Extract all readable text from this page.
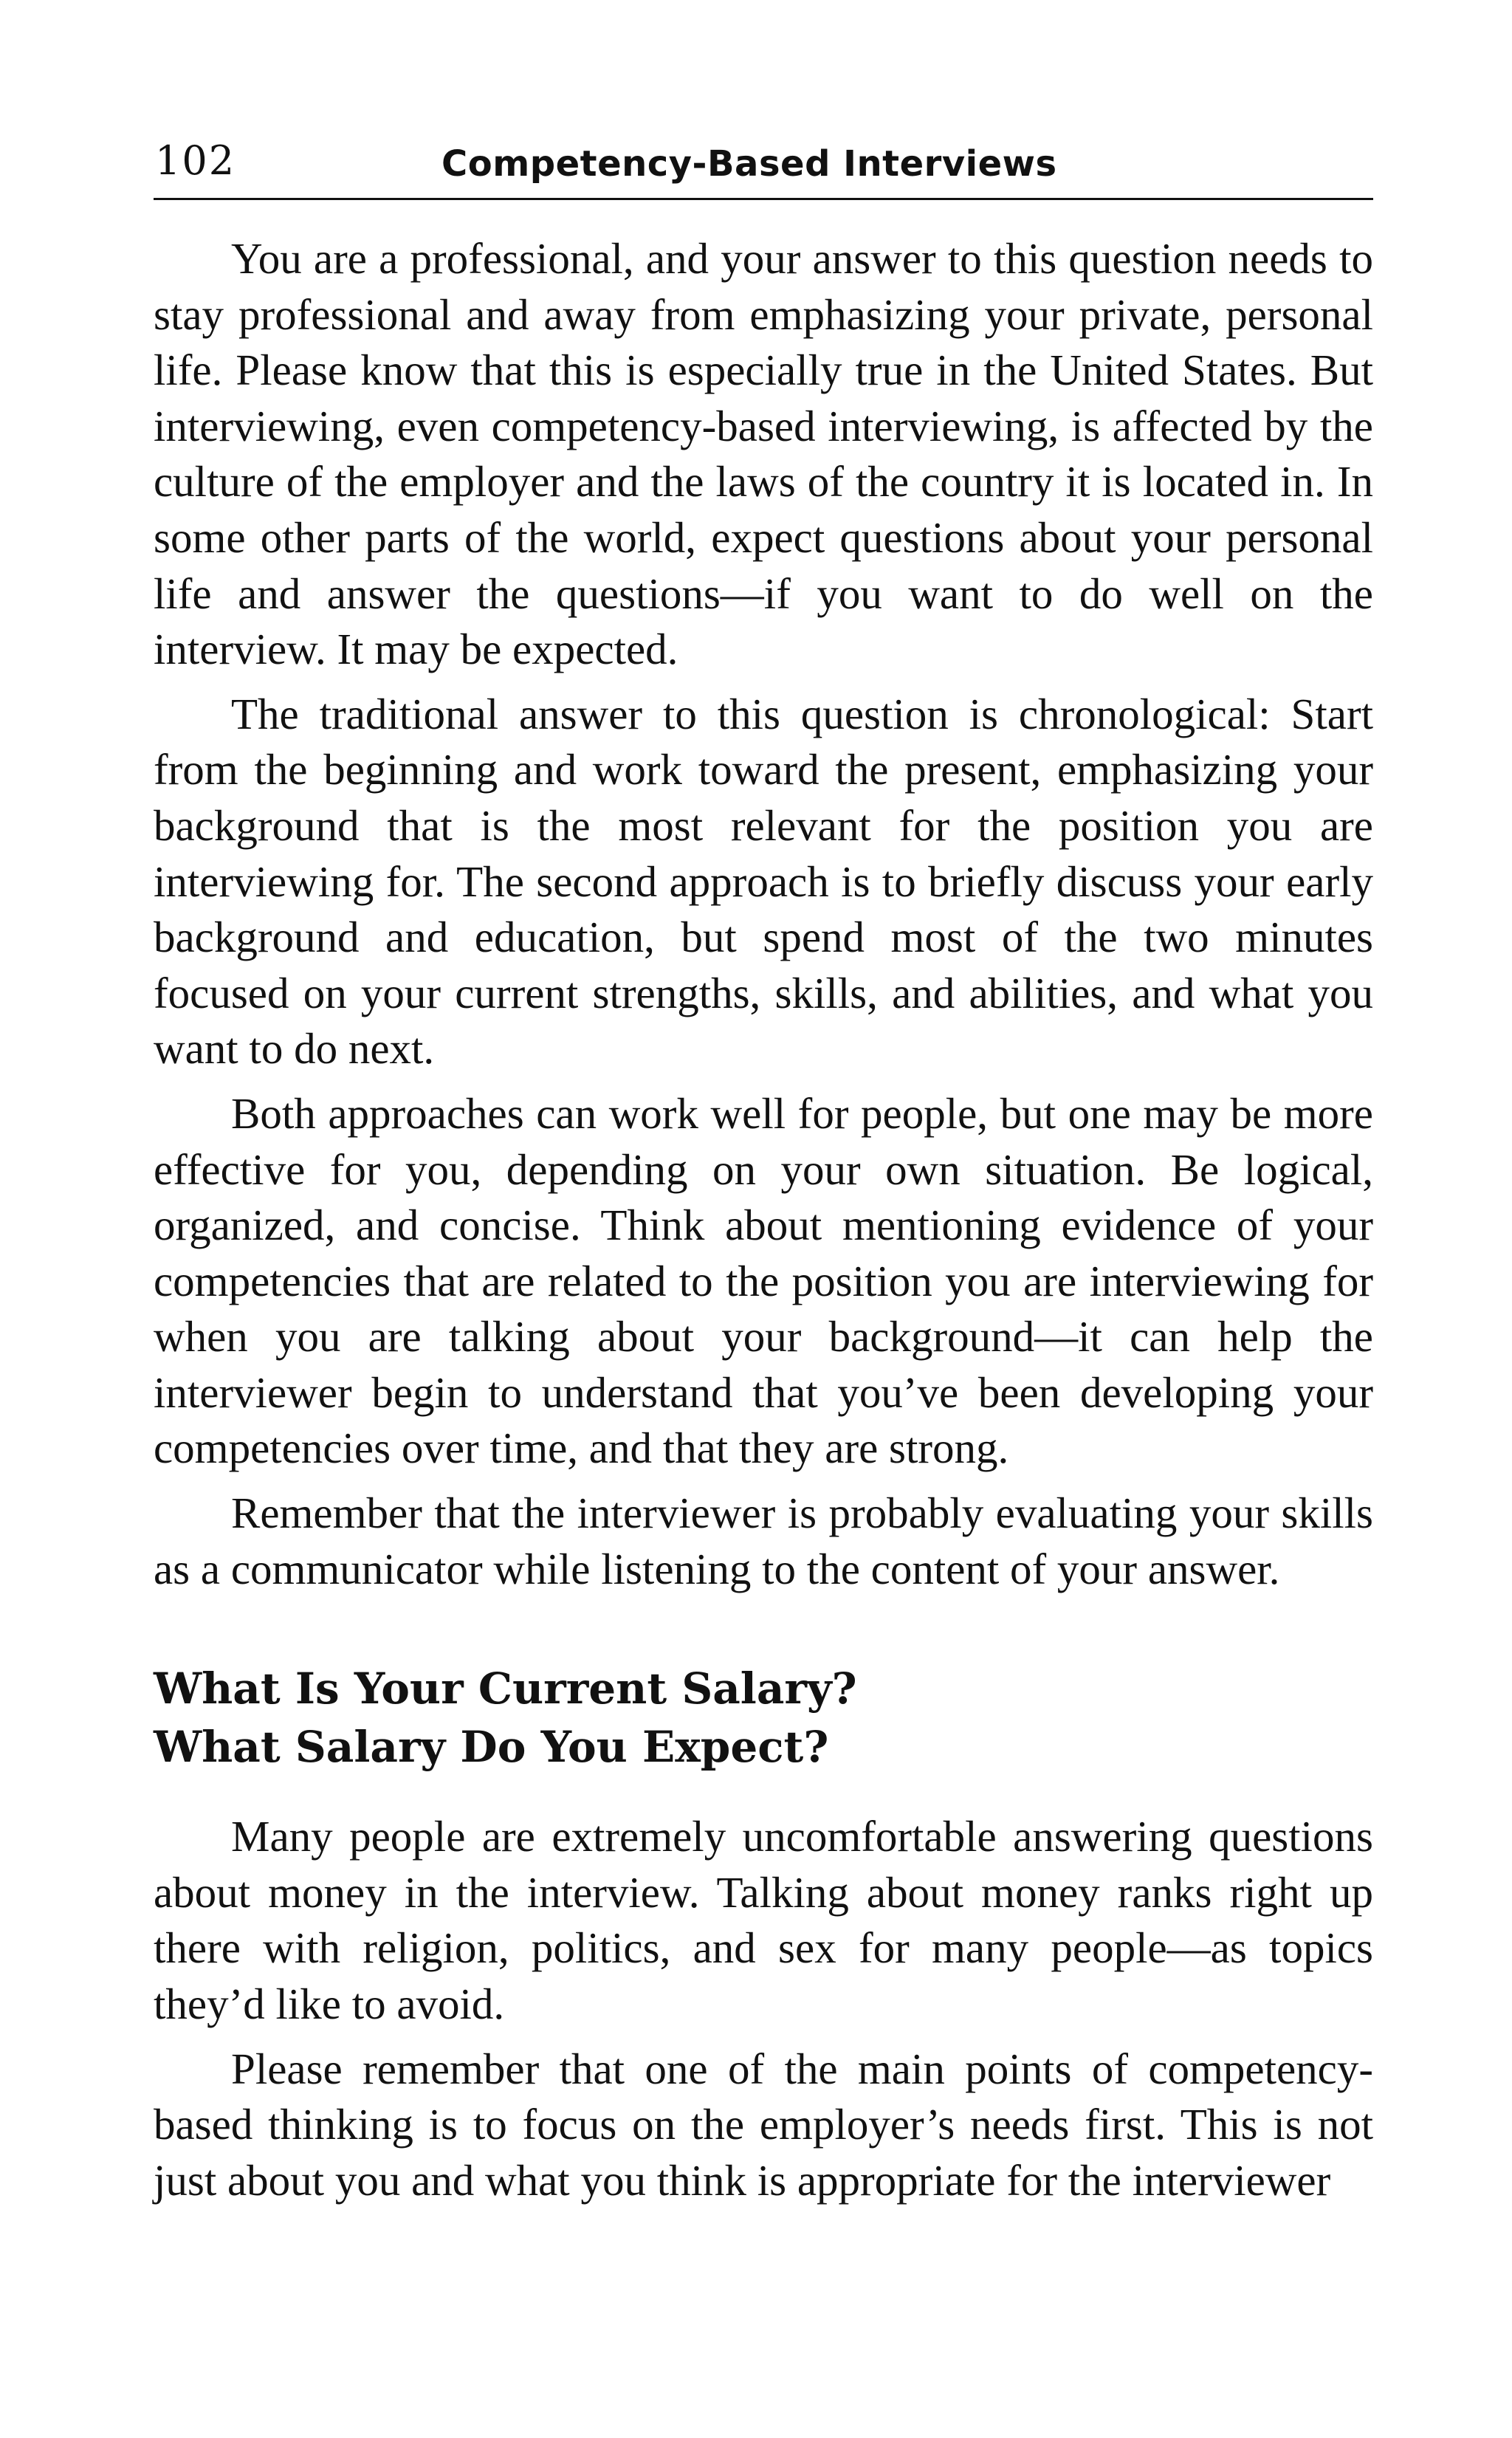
102	Competency-Based Interviews

You are a professional, and your answer to this question needs to stay professional and away from emphasizing your private, personal life. Please know that this is especially true in the United States. But interviewing, even competency-based interviewing, is affected by the culture of the employer and the laws of the country it is located in. In some other parts of the world, expect questions about your personal life and answer the questions—if you want to do well on the interview. It may be expected.

The traditional answer to this question is chronological: Start from the beginning and work toward the present, emphasizing your background that is the most relevant for the position you are interviewing for. The second approach is to briefly discuss your early background and education, but spend most of the two minutes focused on your current strengths, skills, and abilities, and what you want to do next.

Both approaches can work well for people, but one may be more effective for you, depending on your own situation. Be logical, organized, and concise. Think about mentioning evidence of your competencies that are related to the position you are interviewing for when you are talking about your background—it can help the interviewer begin to understand that you’ve been developing your competencies over time, and that they are strong.

Remember that the interviewer is probably evaluating your skills as a communicator while listening to the content of your answer.

What Is Your Current Salary?
What Salary Do You Expect?

Many people are extremely uncomfortable answering questions about money in the interview. Talking about money ranks right up there with religion, politics, and sex for many people—as topics they’d like to avoid.

Please remember that one of the main points of competency-based thinking is to focus on the employer’s needs first. This is not just about you and what you think is appropriate for the interviewer
